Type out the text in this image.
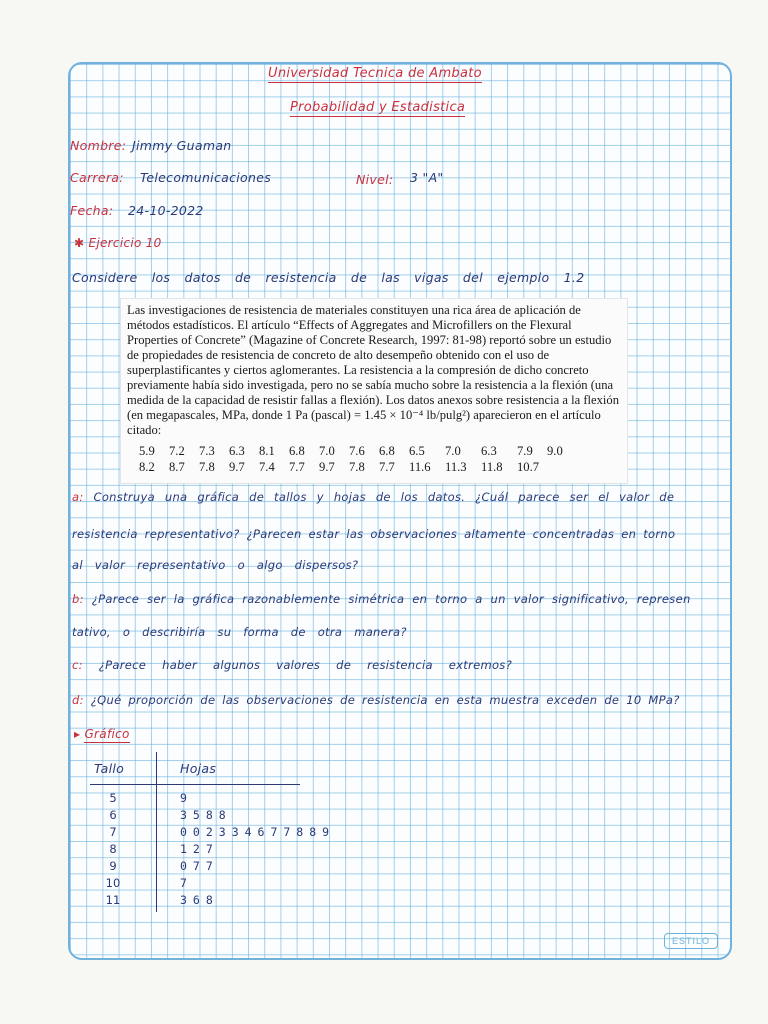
Universidad Tecnica de Ambato
Probabilidad y Estadistica
Nombre: Jimmy Guaman
Carrera: Telecomunicaciones	Nivel: 3 "A"
Fecha: 24-10-2022
✱ Ejercicio 10
Considere los datos de resistencia de las vigas del ejemplo 1.2

Las investigaciones de resistencia de materiales constituyen una rica área de aplicación de métodos estadísticos. El artículo “Effects of Aggregates and Microfillers on the Flexural Properties of Concrete” (Magazine of Concrete Research, 1997: 81-98) reportó sobre un estudio de propiedades de resistencia de concreto de alto desempeño obtenido con el uso de superplastificantes y ciertos aglomerantes. La resistencia a la compresión de dicho concreto previamente había sido investigada, pero no se sabía mucho sobre la resistencia a la flexión (una medida de la capacidad de resistir fallas a flexión). Los datos anexos sobre resistencia a la flexión (en megapascales, MPa, donde 1 Pa (pascal) = 1.45 × 10⁻⁴ lb/pulg²) aparecieron en el artículo citado:

5.9	7.2	7.3	6.3	8.1	6.8	7.0	7.6	6.8	6.5	7.0	6.3	7.9	9.0
8.2	8.7	7.8	9.7	7.4	7.7	9.7	7.8	7.7	11.6	11.3	11.8	10.7
a: Construya una gráfica de tallos y hojas de los datos. ¿Cuál parece ser el valor de
resistencia representativo? ¿Parecen estar las observaciones altamente concentradas en torno
al valor representativo o algo dispersos?
b: ¿Parece ser la gráfica razonablemente simétrica en torno a un valor significativo, represen
tativo, o describiría su forma de otra manera?
c: ¿Parece haber algunos valores de resistencia extremos?
d: ¿Qué proporción de las observaciones de resistencia en esta muestra exceden de 10 MPa?
▸ Gráfico
Tallo	Hojas
5	9
6	3588
7	002334677889
8	127
9	077
10	7
11	368
ESTILO
